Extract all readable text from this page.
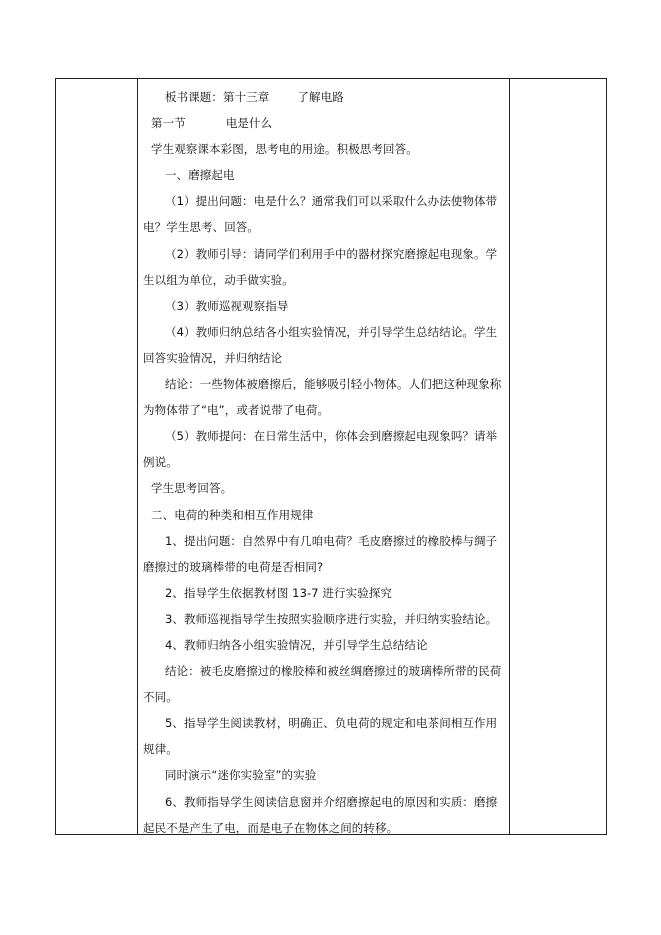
板书课题：第十三章 了解电路
第一节	电是什么
学生观察课本彩图，思考电的用途。积极思考回答。
一、磨擦起电
（1）提出问题：电是什么？通常我们可以采取什么办法使物体带
电？学生思考、回答。
（2）教师引导：请同学们利用手中的器材探究磨擦起电现象。学
生以组为单位，动手做实验。
（3）教师巡视观察指导
（4）教师归纳总结各小组实验情况，并引导学生总结结论。学生
回答实验情况，并归纳结论
结论：一些物体被磨擦后，能够吸引轻小物体。人们把这种现象称
为物体带了“电”，或者说带了电荷。
（5）教师提问：在日常生活中，你体会到磨擦起电现象吗？请举
例说。
学生思考回答。
二、电荷的种类和相互作用规律
1、提出问题：自然界中有几咱电荷？毛皮磨擦过的橡胶棒与绸子
磨擦过的玻璃棒带的电荷是否相同?
2、指导学生依据教材图 13-7 进行实验探究
3、教师巡视指导学生按照实验顺序进行实验，并归纳实验结论。
4、教师归纳各小组实验情况，并引导学生总结结论
结论：被毛皮磨擦过的橡胶棒和被丝绸磨擦过的玻璃棒所带的民荷
不同。
5、指导学生阅读教材，明确正、负电荷的规定和电茶间相互作用
规律。
同时演示“迷你实验室”的实验
6、教师指导学生阅读信息窗并介绍磨擦起电的原因和实质：磨擦
起民不是产生了电，而是电子在物体之间的转移。
